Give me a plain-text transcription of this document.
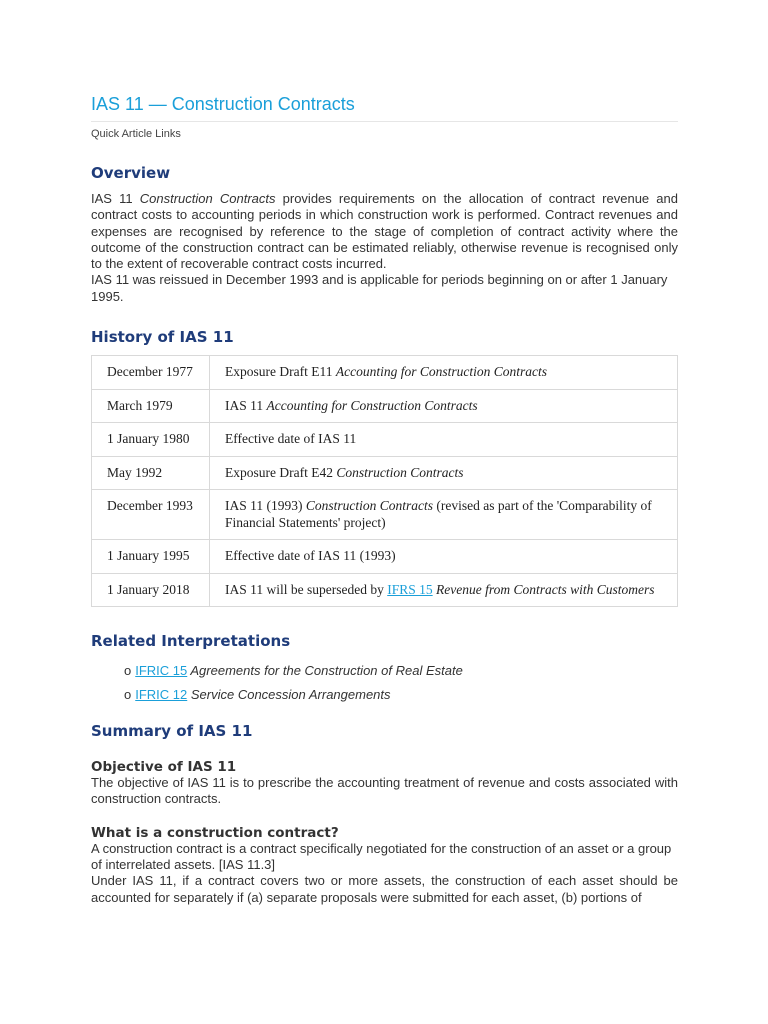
IAS 11 — Construction Contracts
Quick Article Links
Overview

IAS 11 Construction Contracts provides requirements on the allocation of contract revenue and contract costs to accounting periods in which construction work is performed. Contract revenues and expenses are recognised by reference to the stage of completion of contract activity where the outcome of the construction contract can be estimated reliably, otherwise revenue is recognised only to the extent of recoverable contract costs incurred.

IAS 11 was reissued in December 1993 and is applicable for periods beginning on or after 1 January 1995.

History of IAS 11
December 1977	Exposure Draft E11 Accounting for Construction Contracts
March 1979	IAS 11 Accounting for Construction Contracts
1 January 1980	Effective date of IAS 11
May 1992	Exposure Draft E42 Construction Contracts
December 1993	IAS 11 (1993) Construction Contracts (revised as part of the 'Comparability of Financial Statements' project)
1 January 1995	Effective date of IAS 11 (1993)
1 January 2018	IAS 11 will be superseded by IFRS 15 Revenue from Contracts with Customers
Related Interpretations
o IFRIC 15 Agreements for the Construction of Real Estate
o IFRIC 12 Service Concession Arrangements
Summary of IAS 11
Objective of IAS 11

The objective of IAS 11 is to prescribe the accounting treatment of revenue and costs associated with construction contracts.

What is a construction contract?

A construction contract is a contract specifically negotiated for the construction of an asset or a group of interrelated assets. [IAS 11.3]

Under IAS 11, if a contract covers two or more assets, the construction of each asset should be accounted for separately if (a) separate proposals were submitted for each asset, (b) portions of
